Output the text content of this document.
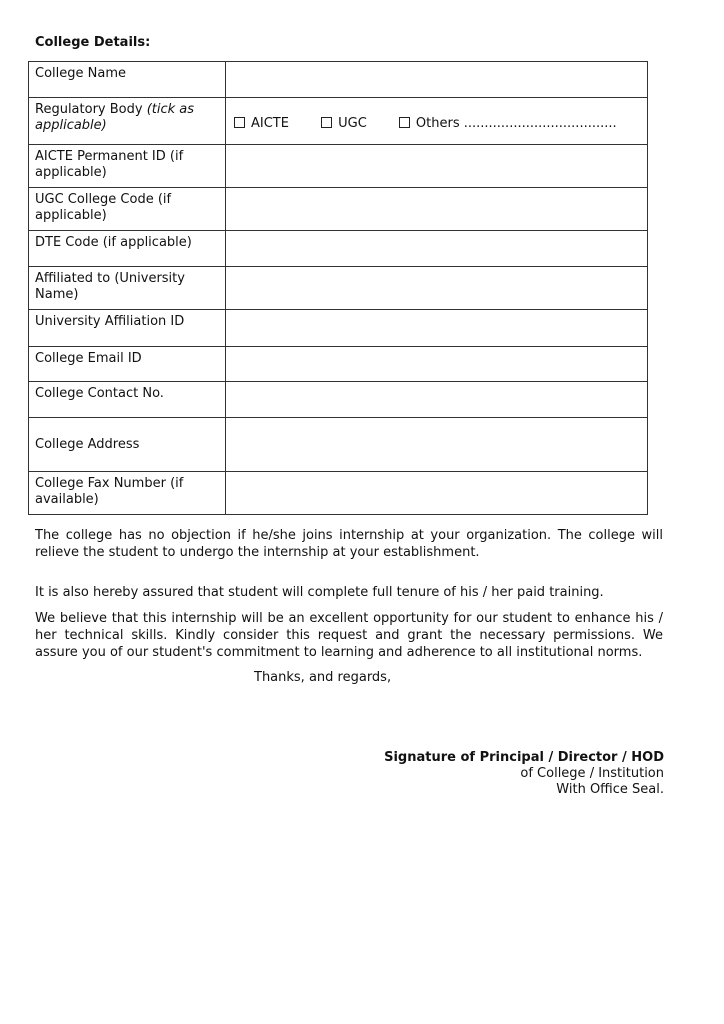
College Details:
College Name	
Regulatory Body (tick as applicable)	AICTE UGC Others .....................................

AICTE Permanent ID (if applicable)	
UGC College Code (if applicable)	
DTE Code (if applicable)	
Affiliated to (University Name)	
University Affiliation ID	
College Email ID	
College Contact No.	
College Address	
College Fax Number (if available)	

The college has no objection if he/she joins internship at your organization. The college will relieve the student to undergo the internship at your establishment.

It is also hereby assured that student will complete full tenure of his / her paid training.

We believe that this internship will be an excellent opportunity for our student to enhance his / her technical skills. Kindly consider this request and grant the necessary permissions. We assure you of our student's commitment to learning and adherence to all institutional norms.

Thanks, and regards,
Signature of Principal / Director / HOD
of College / Institution
With Office Seal.
